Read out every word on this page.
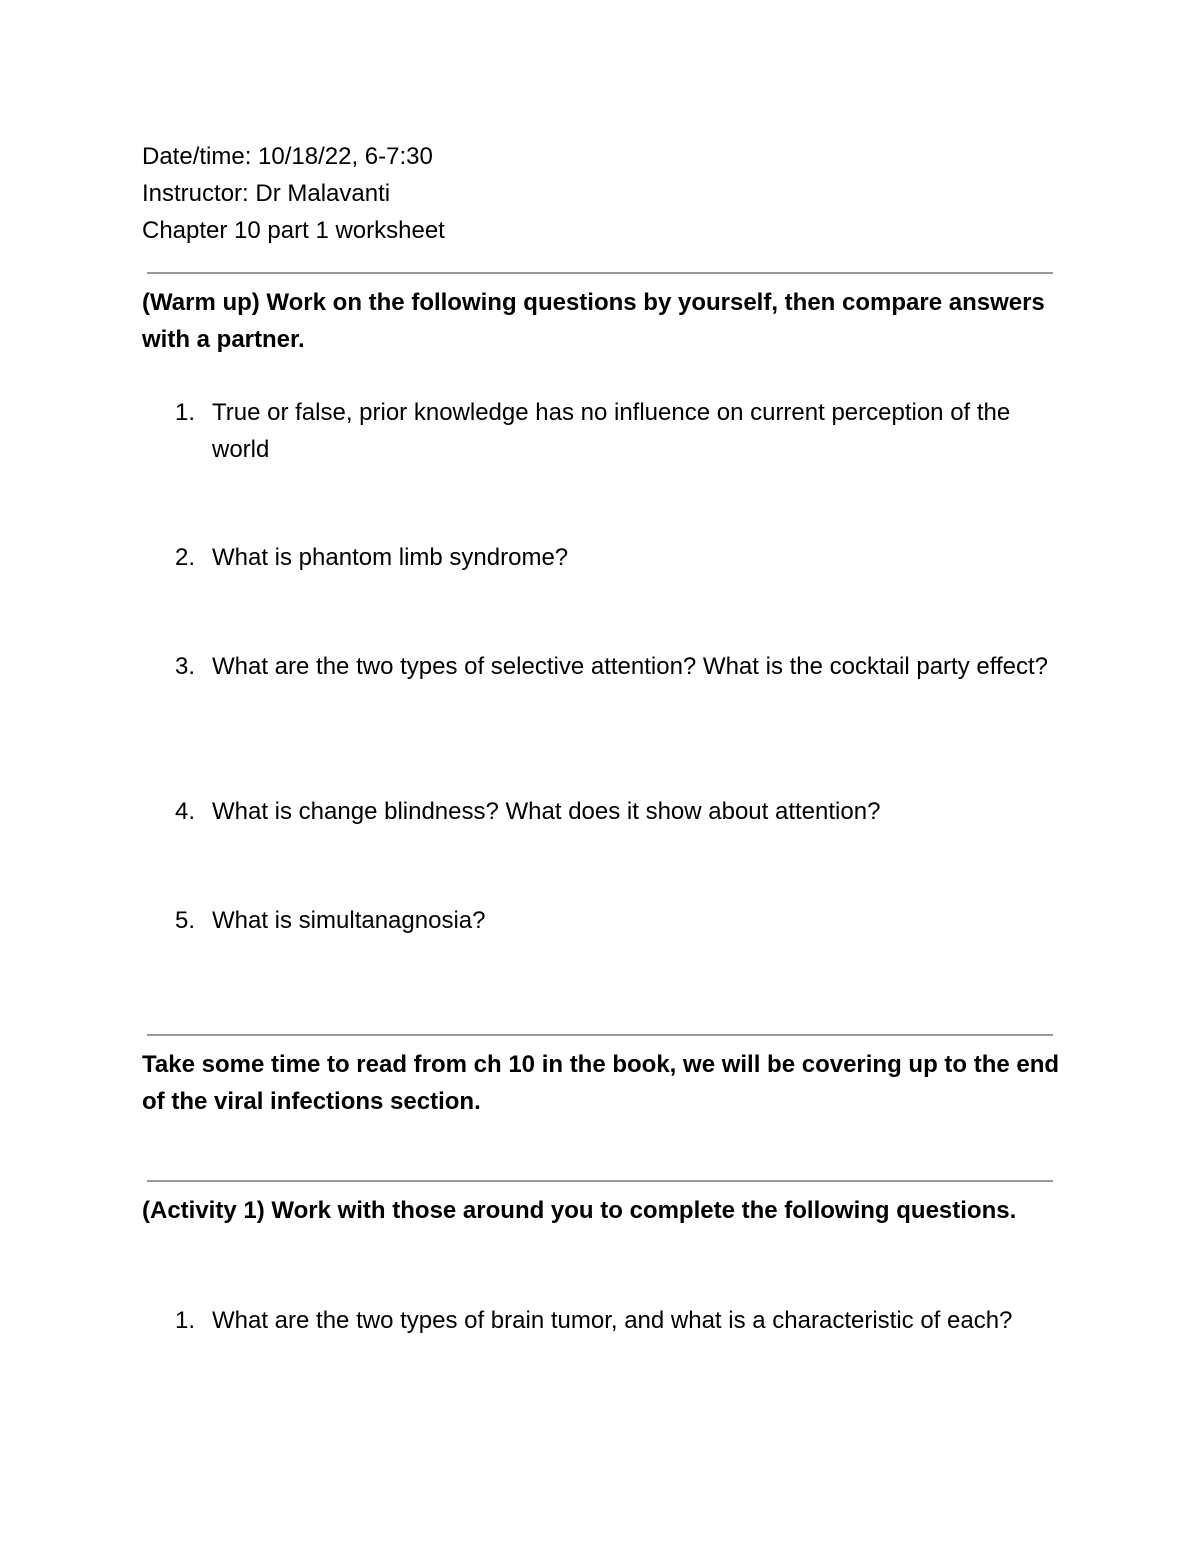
Date/time: 10/18/22, 6-7:30
Instructor: Dr Malavanti
Chapter 10 part 1 worksheet
(Warm up) Work on the following questions by yourself, then compare answers with a partner.
1. True or false, prior knowledge has no influence on current perception of the world
2. What is phantom limb syndrome?
3. What are the two types of selective attention? What is the cocktail party effect?
4. What is change blindness? What does it show about attention?
5. What is simultanagnosia?
Take some time to read from ch 10 in the book, we will be covering up to the end of the viral infections section.
(Activity 1) Work with those around you to complete the following questions.
1. What are the two types of brain tumor, and what is a characteristic of each?
